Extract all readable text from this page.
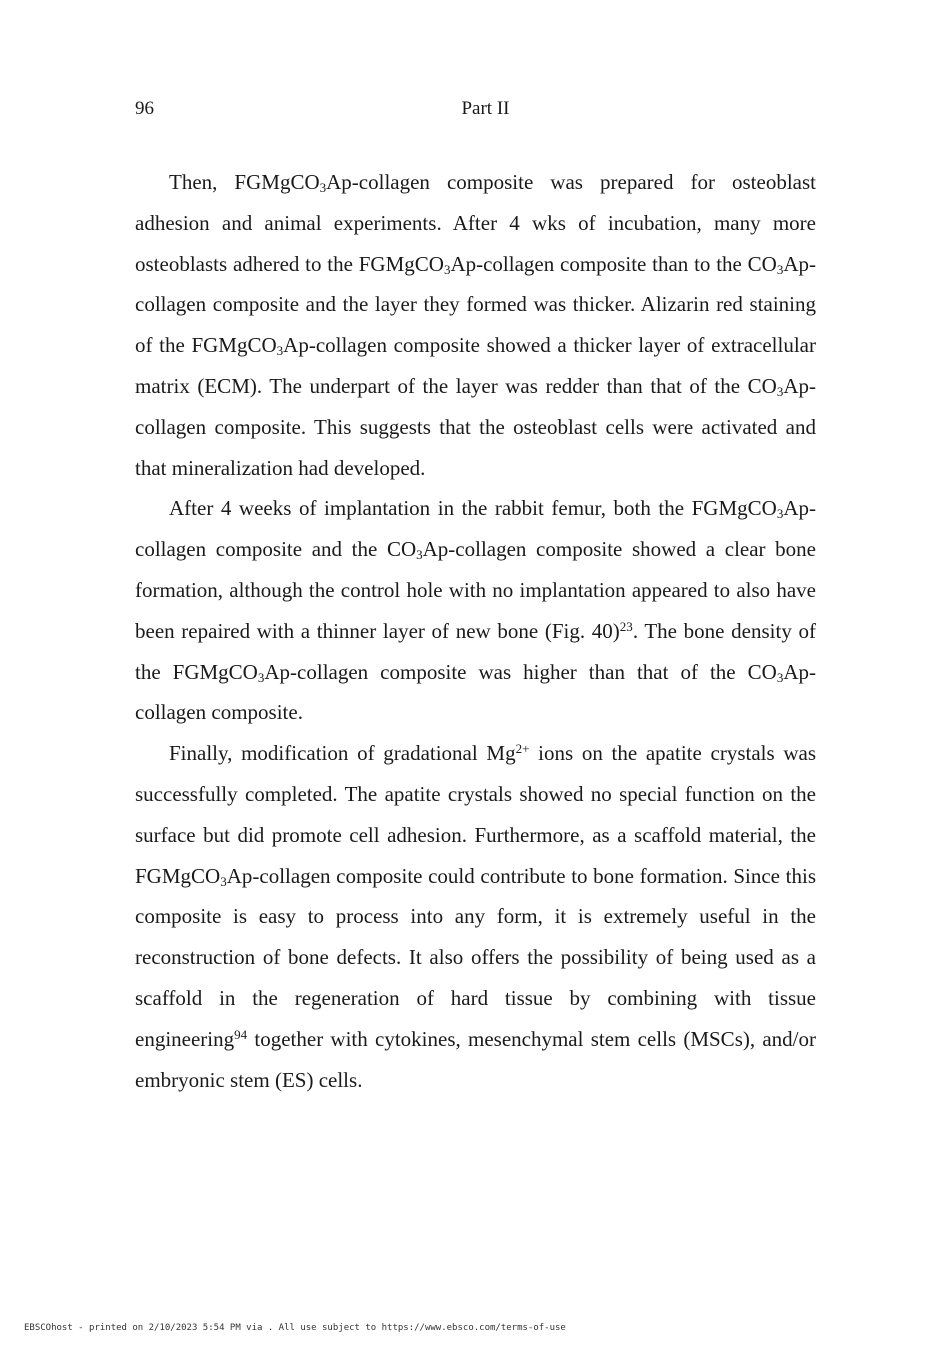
96	Part II

Then, FGMgCO$_3$Ap-collagen composite was prepared for osteoblast adhesion and animal experiments. After 4 wks of incubation, many more osteoblasts adhered to the FGMgCO$_3$Ap-collagen composite than to the $CO_3Ap$-collagen composite and the layer they formed was thicker. Alizarin red staining of the FGMgCO$_3$Ap-collagen composite showed a thicker layer of extracellular matrix (ECM). The underpart of the layer was redder than that of the $CO_3Ap$-collagen composite. This suggests that the osteoblast cells were activated and that mineralization had developed.

After 4 weeks of implantation in the rabbit femur, both the FGMgCO$_3$Ap-collagen composite and the $CO_3Ap$-collagen composite showed a clear bone formation, although the control hole with no implantation appeared to also have been repaired with a thinner layer of new bone (Fig. 40)$^{23}$. The bone density of the FGMgCO$_3$Ap-collagen composite was higher than that of the $CO_3Ap$-collagen composite.

Finally, modification of gradational $Mg^{2+}$ ions on the apatite crystals was successfully completed. The apatite crystals showed no special function on the surface but did promote cell adhesion. Furthermore, as a scaffold material, the FGMgCO$_3$Ap-collagen composite could contribute to bone formation. Since this composite is easy to process into any form, it is extremely useful in the reconstruction of bone defects. It also offers the possibility of being used as a scaffold in the regeneration of hard tissue by combining with tissue engineering$^{94}$ together with cytokines, mesenchymal stem cells (MSCs), and/or embryonic stem (ES) cells.

EBSCOhost - printed on 2/10/2023 5:54 PM via . All use subject to https://www.ebsco.com/terms-of-use
